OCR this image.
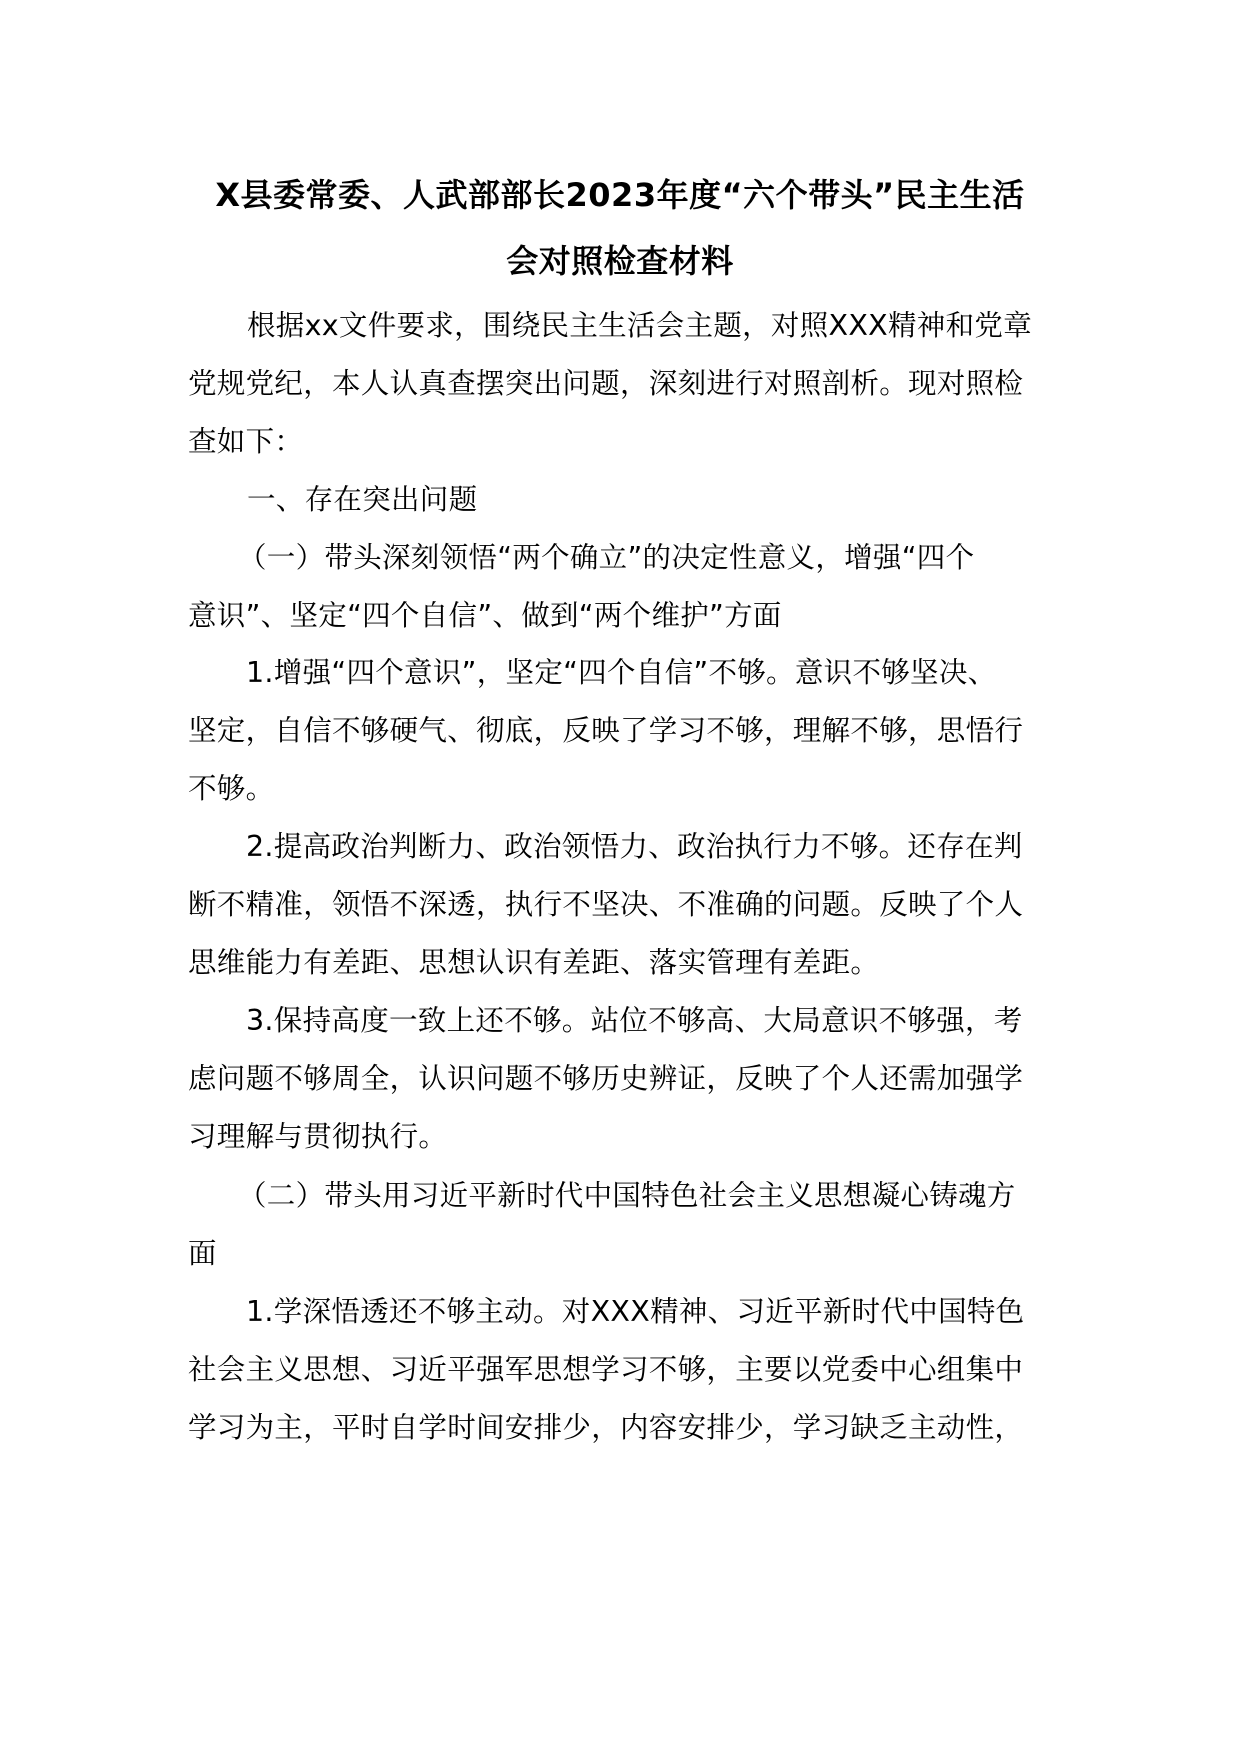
X县委常委、人武部部长2023年度“六个带头”民主生活
会对照检查材料
根据xx文件要求，围绕民主生活会主题，对照XXX精神和党章
党规党纪，本人认真查摆突出问题，深刻进行对照剖析。现对照检
查如下：
一、存在突出问题
（一）带头深刻领悟“两个确立”的决定性意义，增强“四个
意识”、坚定“四个自信”、做到“两个维护”方面
1.增强“四个意识”，坚定“四个自信”不够。意识不够坚决、
坚定，自信不够硬气、彻底，反映了学习不够，理解不够，思悟行
不够。
2.提高政治判断力、政治领悟力、政治执行力不够。还存在判
断不精准，领悟不深透，执行不坚决、不准确的问题。反映了个人
思维能力有差距、思想认识有差距、落实管理有差距。
3.保持高度一致上还不够。站位不够高、大局意识不够强，考
虑问题不够周全，认识问题不够历史辨证，反映了个人还需加强学
习理解与贯彻执行。
（二）带头用习近平新时代中国特色社会主义思想凝心铸魂方
面
1.学深悟透还不够主动。对XXX精神、习近平新时代中国特色
社会主义思想、习近平强军思想学习不够，主要以党委中心组集中
学习为主，平时自学时间安排少，内容安排少，学习缺乏主动性，
